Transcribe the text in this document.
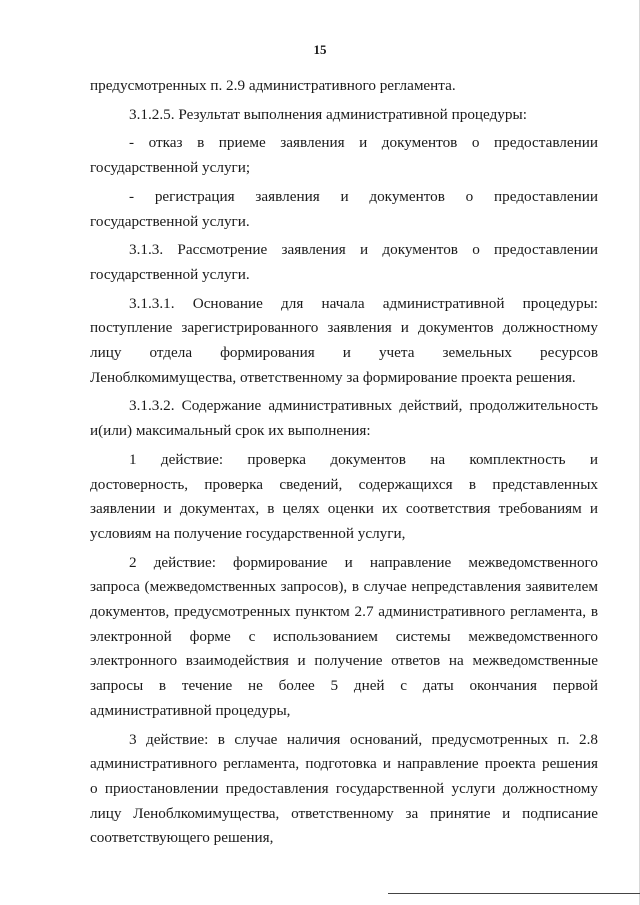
15
предусмотренных п. 2.9 административного регламента.
3.1.2.5. Результат выполнения административной процедуры:
- отказ в приеме заявления и документов о предоставлении
государственной услуги;
- регистрация заявления и документов о предоставлении
государственной услуги.
3.1.3. Рассмотрение заявления и документов о предоставлении
государственной услуги.
3.1.3.1. Основание для начала административной процедуры:
поступление зарегистрированного заявления и документов должностному
лицу отдела формирования и учета земельных ресурсов
Леноблкомимущества, ответственному за формирование проекта решения.
3.1.3.2. Содержание административных действий, продолжительность
и(или) максимальный срок их выполнения:
1 действие: проверка документов на комплектность и
достоверность, проверка сведений, содержащихся в представленных
заявлении и документах, в целях оценки их соответствия требованиям и
условиям на получение государственной услуги,
2 действие: формирование и направление межведомственного
запроса (межведомственных запросов), в случае непредставления заявителем
документов, предусмотренных пунктом 2.7 административного регламента, в
электронной форме с использованием системы межведомственного
электронного взаимодействия и получение ответов на межведомственные
запросы в течение не более 5 дней с даты окончания первой
административной процедуры,
3 действие: в случае наличия оснований, предусмотренных п. 2.8
административного регламента, подготовка и направление проекта решения
о приостановлении предоставления государственной услуги должностному
лицу Леноблкомимущества, ответственному за принятие и подписание
соответствующего решения,
